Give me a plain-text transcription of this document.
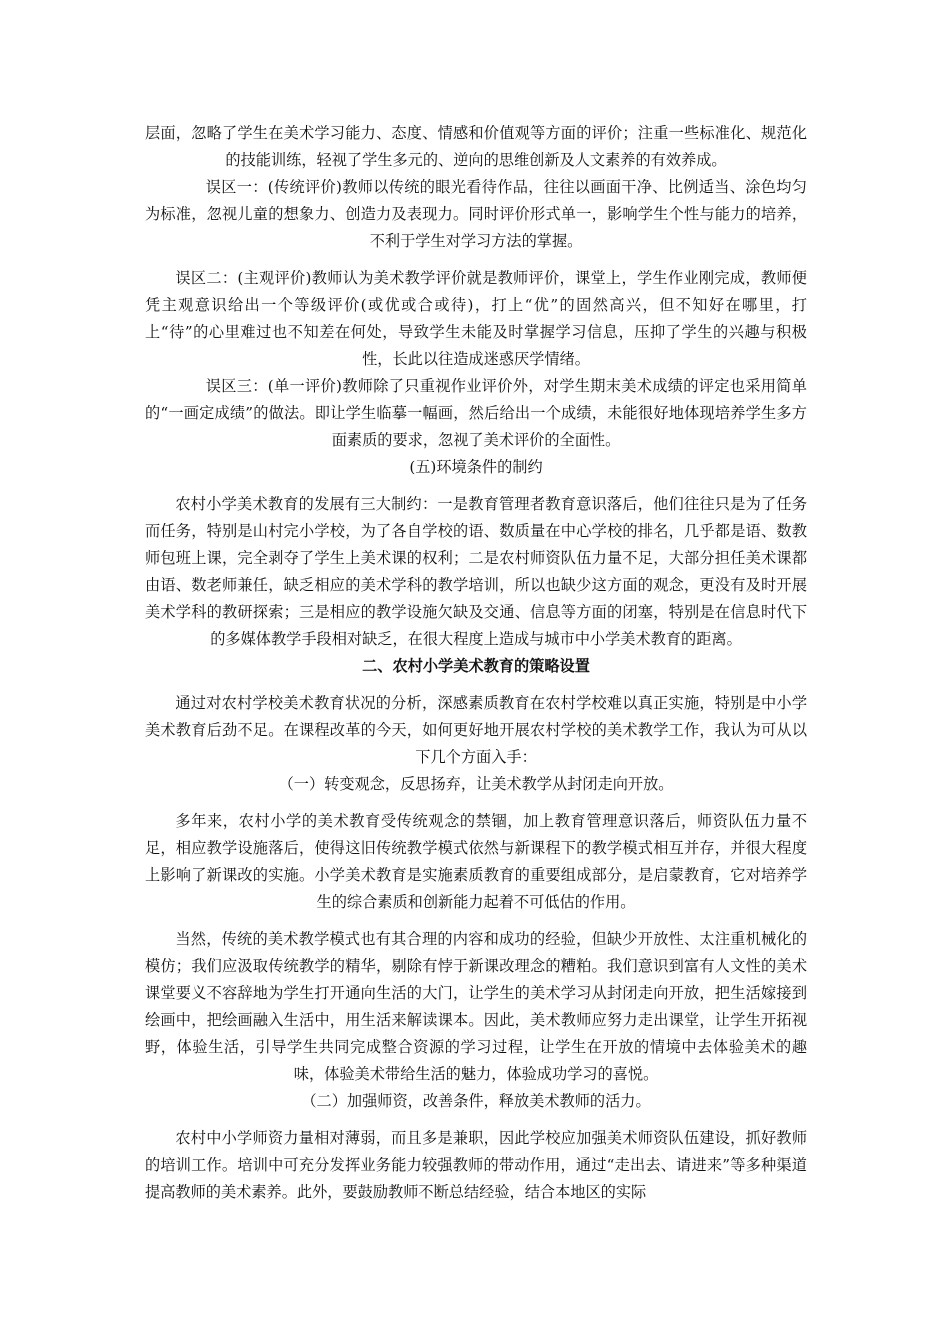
层面，忽略了学生在美术学习能力、态度、情感和价值观等方面的评价；注重一些标准化、规范化的技能训练，轻视了学生多元的、逆向的思维创新及人文素养的有效养成。

误区一：(传统评价)教师以传统的眼光看待作品，往往以画面干净、比例适当、涂色均匀为标准，忽视儿童的想象力、创造力及表现力。同时评价形式单一，影响学生个性与能力的培养，不利于学生对学习方法的掌握。

误区二：(主观评价)教师认为美术教学评价就是教师评价，课堂上，学生作业刚完成，教师便凭主观意识给出一个等级评价(或优或合或待)，打上“优”的固然高兴，但不知好在哪里，打上“待”的心里难过也不知差在何处，导致学生未能及时掌握学习信息，压抑了学生的兴趣与积极性，长此以往造成迷惑厌学情绪。

误区三：(单一评价)教师除了只重视作业评价外，对学生期末美术成绩的评定也采用简单的“一画定成绩”的做法。即让学生临摹一幅画，然后给出一个成绩，未能很好地体现培养学生多方面素质的要求，忽视了美术评价的全面性。

(五)环境条件的制约

农村小学美术教育的发展有三大制约：一是教育管理者教育意识落后，他们往往只是为了任务而任务，特别是山村完小学校，为了各自学校的语、数质量在中心学校的排名，几乎都是语、数教师包班上课，完全剥夺了学生上美术课的权利；二是农村师资队伍力量不足，大部分担任美术课都由语、数老师兼任，缺乏相应的美术学科的教学培训，所以也缺少这方面的观念，更没有及时开展美术学科的教研探索；三是相应的教学设施欠缺及交通、信息等方面的闭塞，特别是在信息时代下的多媒体教学手段相对缺乏，在很大程度上造成与城市中小学美术教育的距离。

二、农村小学美术教育的策略设置

通过对农村学校美术教育状况的分析，深感素质教育在农村学校难以真正实施，特别是中小学美术教育后劲不足。在课程改革的今天，如何更好地开展农村学校的美术教学工作，我认为可从以下几个方面入手：

（一）转变观念，反思扬弃，让美术教学从封闭走向开放。

多年来，农村小学的美术教育受传统观念的禁锢，加上教育管理意识落后，师资队伍力量不足，相应教学设施落后，使得这旧传统教学模式依然与新课程下的教学模式相互并存，并很大程度上影响了新课改的实施。小学美术教育是实施素质教育的重要组成部分，是启蒙教育，它对培养学生的综合素质和创新能力起着不可低估的作用。

当然，传统的美术教学模式也有其合理的内容和成功的经验，但缺少开放性、太注重机械化的模仿；我们应汲取传统教学的精华，剔除有悖于新课改理念的糟粕。我们意识到富有人文性的美术课堂要义不容辞地为学生打开通向生活的大门，让学生的美术学习从封闭走向开放，把生活嫁接到绘画中，把绘画融入生活中，用生活来解读课本。因此，美术教师应努力走出课堂，让学生开拓视野，体验生活，引导学生共同完成整合资源的学习过程，让学生在开放的情境中去体验美术的趣味，体验美术带给生活的魅力，体验成功学习的喜悦。

（二）加强师资，改善条件，释放美术教师的活力。

农村中小学师资力量相对薄弱，而且多是兼职，因此学校应加强美术师资队伍建设，抓好教师的培训工作。培训中可充分发挥业务能力较强教师的带动作用，通过“走出去、请进来”等多种渠道提高教师的美术素养。此外，要鼓励教师不断总结经验，结合本地区的实际
